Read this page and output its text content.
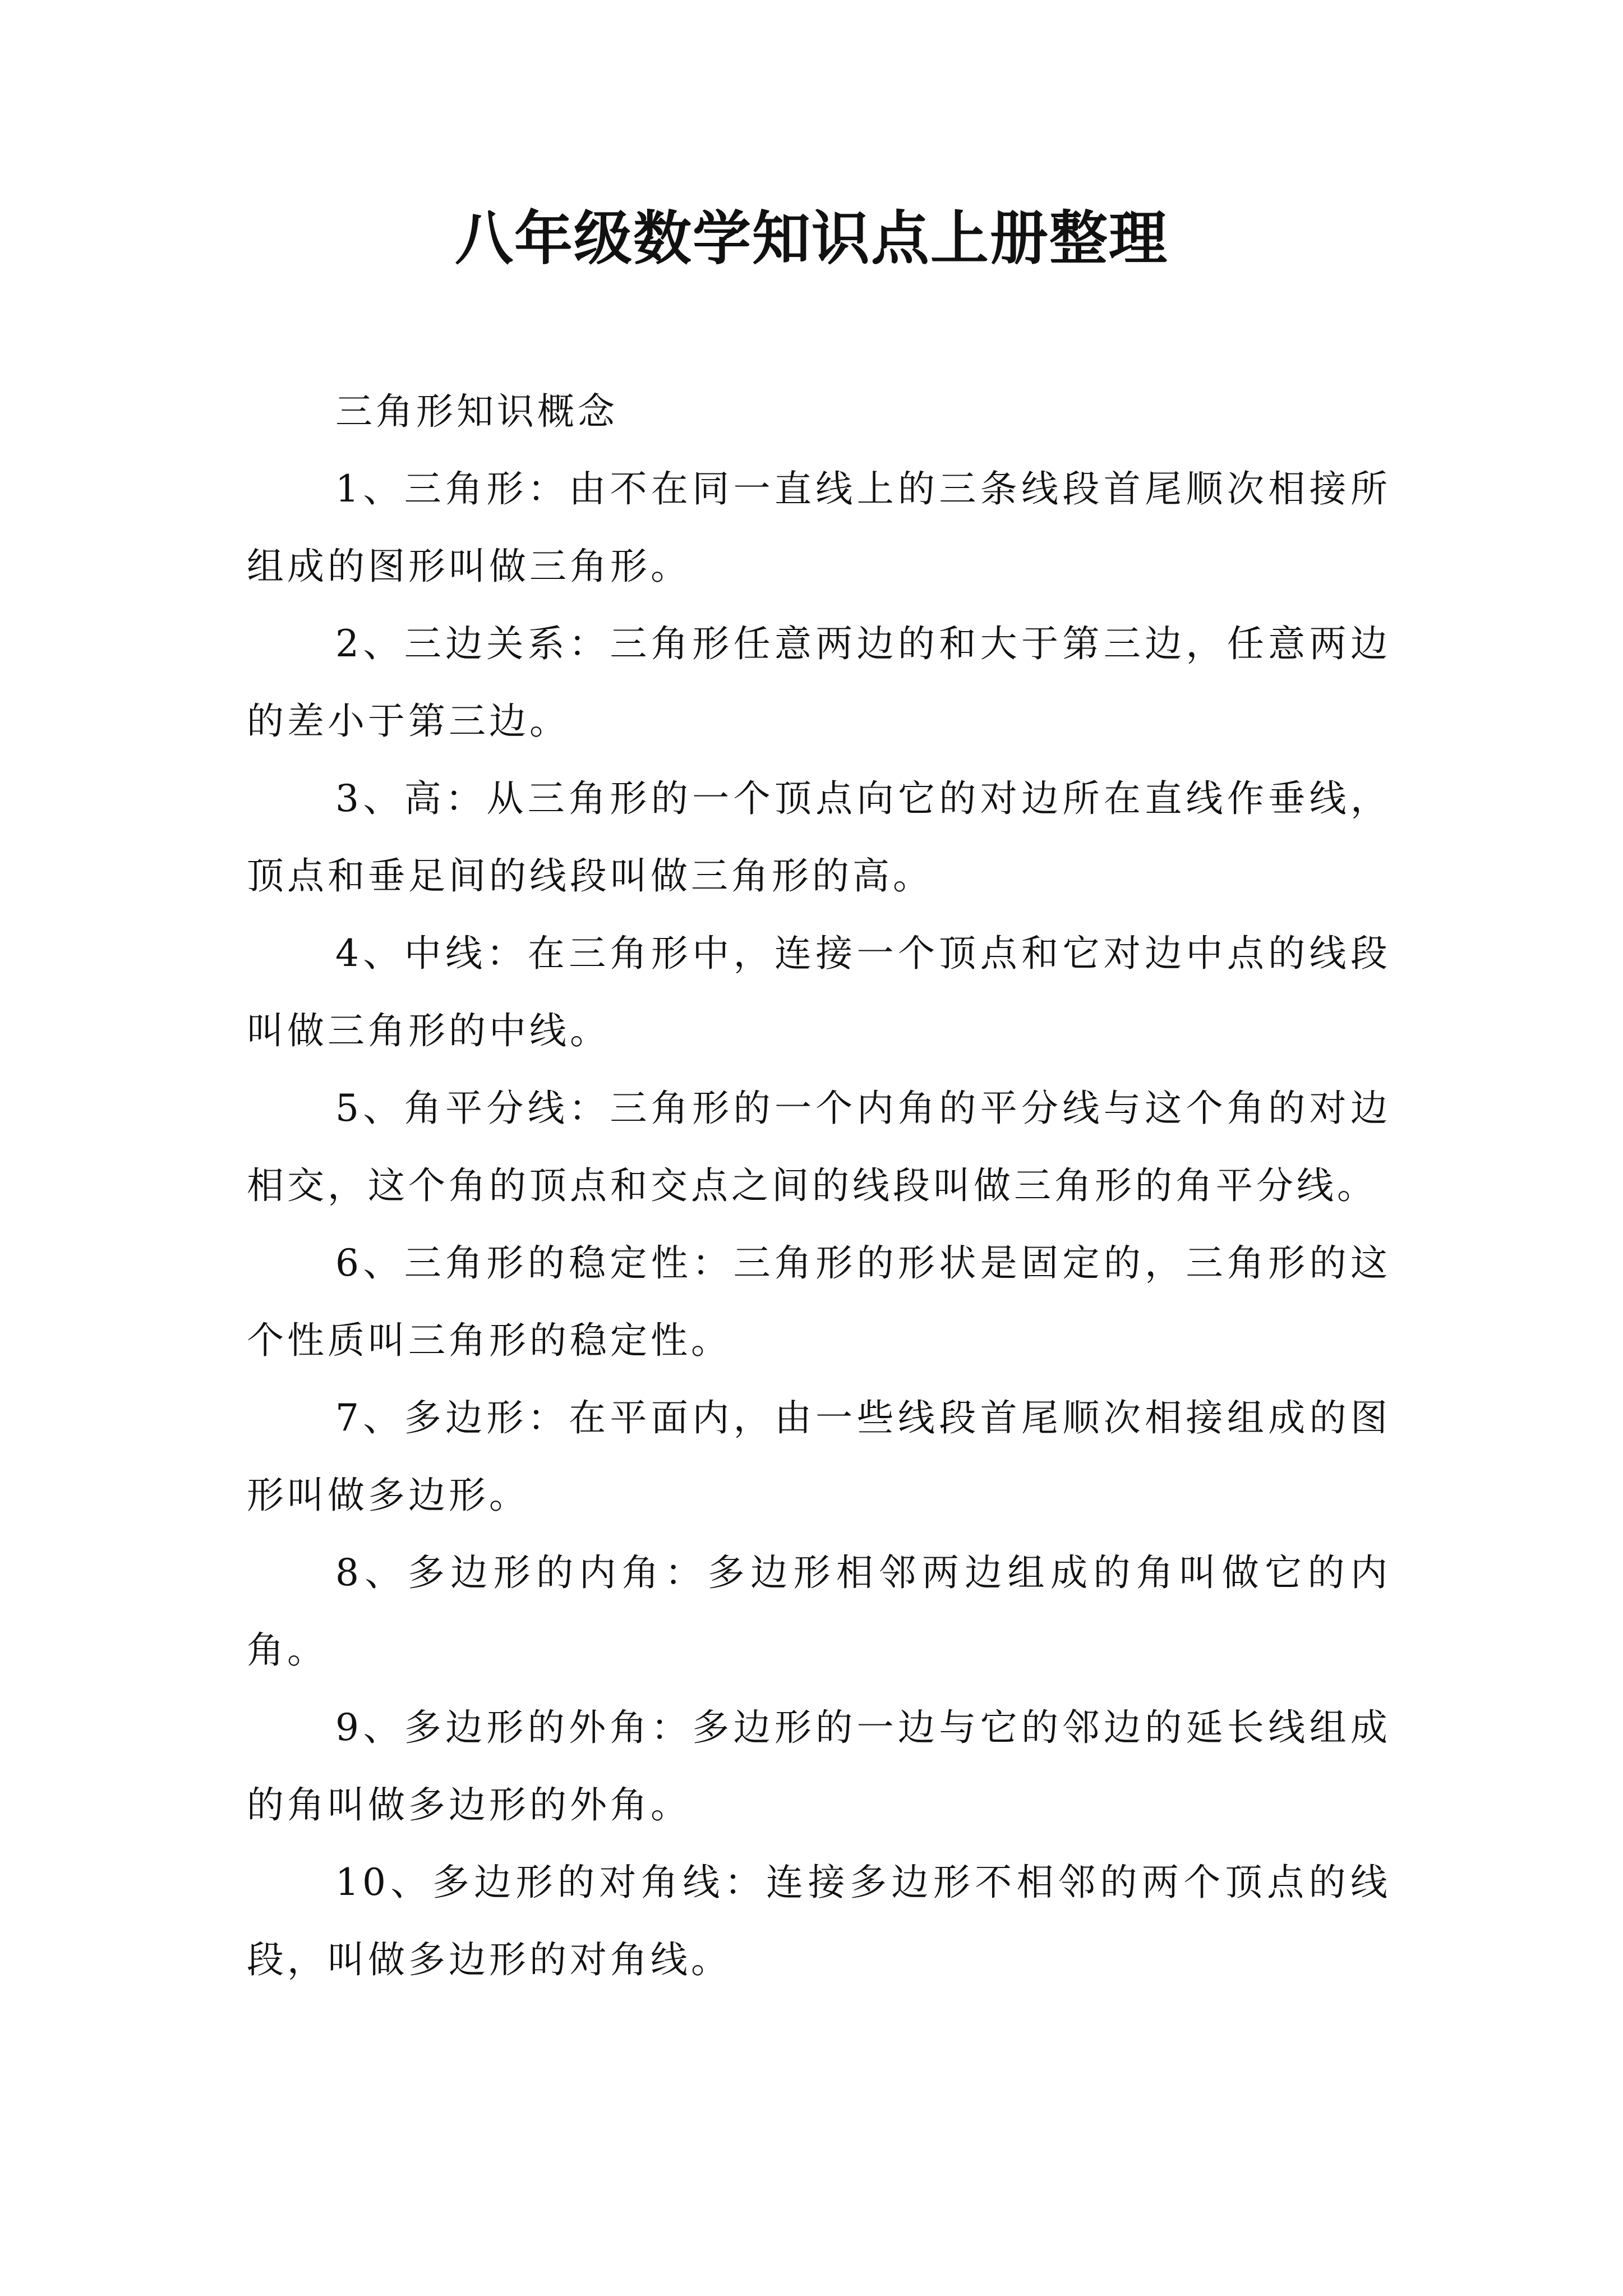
八年级数学知识点上册整理

三角形知识概念

1、三角形：由不在同一直线上的三条线段首尾顺次相接所组成的图形叫做三角形。

2、三边关系：三角形任意两边的和大于第三边，任意两边的差小于第三边。

3、高：从三角形的一个顶点向它的对边所在直线作垂线，顶点和垂足间的线段叫做三角形的高。

4、中线：在三角形中，连接一个顶点和它对边中点的线段叫做三角形的中线。

5、角平分线：三角形的一个内角的平分线与这个角的对边相交，这个角的顶点和交点之间的线段叫做三角形的角平分线。

6、三角形的稳定性：三角形的形状是固定的，三角形的这个性质叫三角形的稳定性。

7、多边形：在平面内，由一些线段首尾顺次相接组成的图形叫做多边形。

8、多边形的内角：多边形相邻两边组成的角叫做它的内角。

9、多边形的外角：多边形的一边与它的邻边的延长线组成的角叫做多边形的外角。

10、多边形的对角线：连接多边形不相邻的两个顶点的线段，叫做多边形的对角线。
